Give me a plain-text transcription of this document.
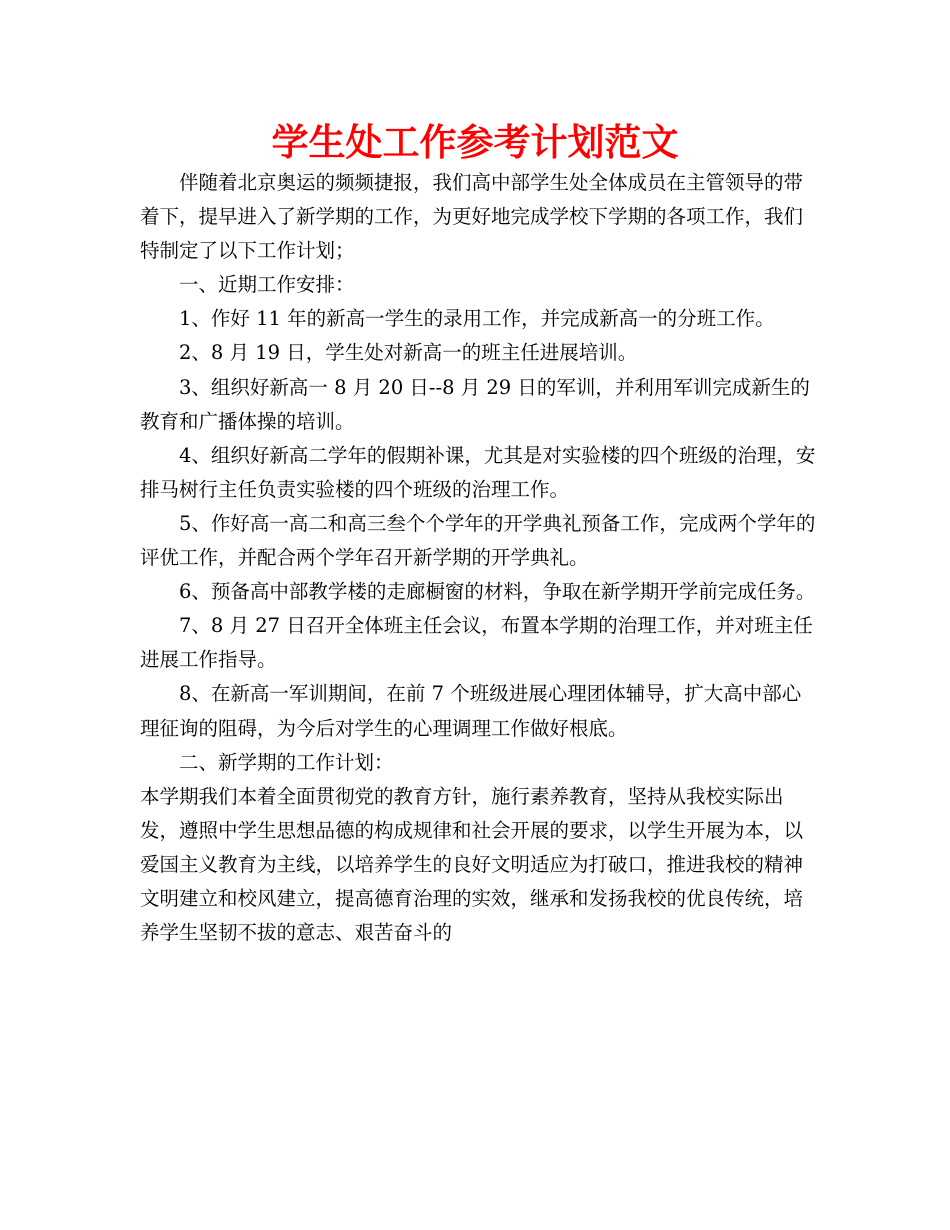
学生处工作参考计划范文

伴随着北京奥运的频频捷报，我们高中部学生处全体成员在主管领导的带着下，提早进入了新学期的工作，为更好地完成学校下学期的各项工作，我们特制定了以下工作计划；

一、近期工作安排：

1、作好 11 年的新高一学生的录用工作，并完成新高一的分班工作。

2、8 月 19 日，学生处对新高一的班主任进展培训。

3、组织好新高一 8 月 20 日--8 月 29 日的军训，并利用军训完成新生的教育和广播体操的培训。

4、组织好新高二学年的假期补课，尤其是对实验楼的四个班级的治理，安排马树行主任负责实验楼的四个班级的治理工作。

5、作好高一高二和高三叁个个学年的开学典礼预备工作，完成两个学年的评优工作，并配合两个学年召开新学期的开学典礼。

6、预备高中部教学楼的走廊橱窗的材料，争取在新学期开学前完成任务。

7、8 月 27 日召开全体班主任会议，布置本学期的治理工作，并对班主任进展工作指导。

8、在新高一军训期间，在前 7 个班级进展心理团体辅导，扩大高中部心理征询的阻碍，为今后对学生的心理调理工作做好根底。

二、新学期的工作计划：

本学期我们本着全面贯彻党的教育方针，施行素养教育，坚持从我校实际出发，遵照中学生思想品德的构成规律和社会开展的要求，以学生开展为本，以爱国主义教育为主线，以培养学生的良好文明适应为打破口，推进我校的精神文明建立和校风建立，提高德育治理的实效，继承和发扬我校的优良传统，培养学生坚韧不拔的意志、艰苦奋斗的
